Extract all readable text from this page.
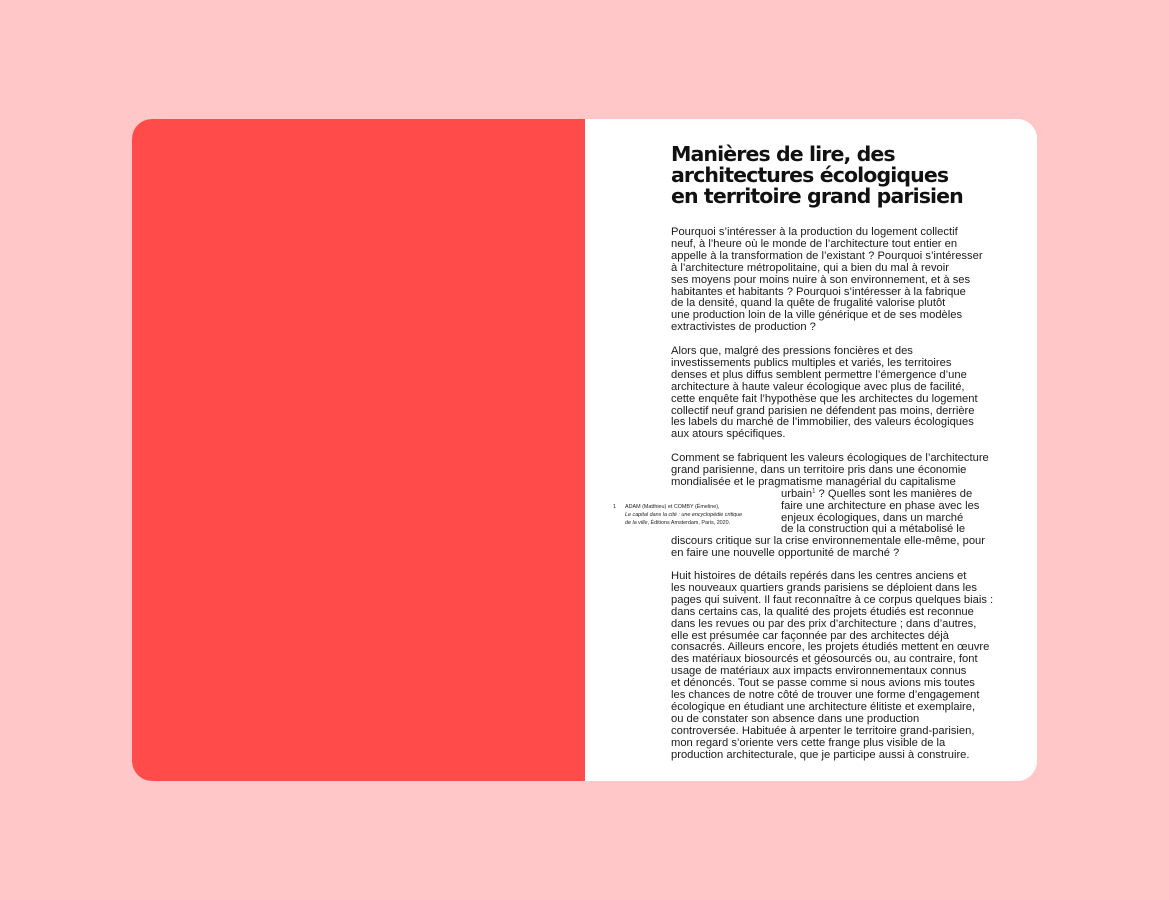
Manières de lire, des
architectures écologiques
en territoire grand parisien

Pourquoi s’intéresser à la production du logement collectif
neuf, à l’heure où le monde de l’architecture tout entier en
appelle à la transformation de l’existant ? Pourquoi s’intéresser
à l’architecture métropolitaine, qui a bien du mal à revoir
ses moyens pour moins nuire à son environnement, et à ses
habitantes et habitants ? Pourquoi s’intéresser à la fabrique
de la densité, quand la quête de frugalité valorise plutôt
une production loin de la ville générique et de ses modèles
extractivistes de production ?

Alors que, malgré des pressions foncières et des
investissements publics multiples et variés, les territoires
denses et plus diffus semblent permettre l’émergence d’une
architecture à haute valeur écologique avec plus de facilité,
cette enquête fait l’hypothèse que les architectes du logement
collectif neuf grand parisien ne défendent pas moins, derrière
les labels du marché de l’immobilier, des valeurs écologiques
aux atours spécifiques.

Comment se fabriquent les valeurs écologiques de l’architecture
grand parisienne, dans un territoire pris dans une économie
mondialisée et le pragmatisme managérial du capitalisme
urbain$^1$ ? Quelles sont les manières de
faire une architecture en phase avec les
enjeux écologiques, dans un marché
de la construction qui a métabolisé le
discours critique sur la crise environnementale elle-même, pour
en faire une nouvelle opportunité de marché ?

Huit histoires de détails repérés dans les centres anciens et
les nouveaux quartiers grands parisiens se déploient dans les
pages qui suivent. Il faut reconnaître à ce corpus quelques biais :
dans certains cas, la qualité des projets étudiés est reconnue
dans les revues ou par des prix d’architecture ; dans d’autres,
elle est présumée car façonnée par des architectes déjà
consacrés. Ailleurs encore, les projets étudiés mettent en œuvre
des matériaux biosourcés et géosourcés ou, au contraire, font
usage de matériaux aux impacts environnementaux connus
et dénoncés. Tout se passe comme si nous avions mis toutes
les chances de notre côté de trouver une forme d’engagement
écologique en étudiant une architecture élitiste et exemplaire,
ou de constater son absence dans une production
controversée. Habituée à arpenter le territoire grand-parisien,
mon regard s’oriente vers cette frange plus visible de la
production architecturale, que je participe aussi à construire.

1 ADAM (Matthieu) et COMBY (Émeline),
Le capital dans la cité : une encyclopédie critique
de la ville, Éditions Amsterdam, Paris, 2020.
